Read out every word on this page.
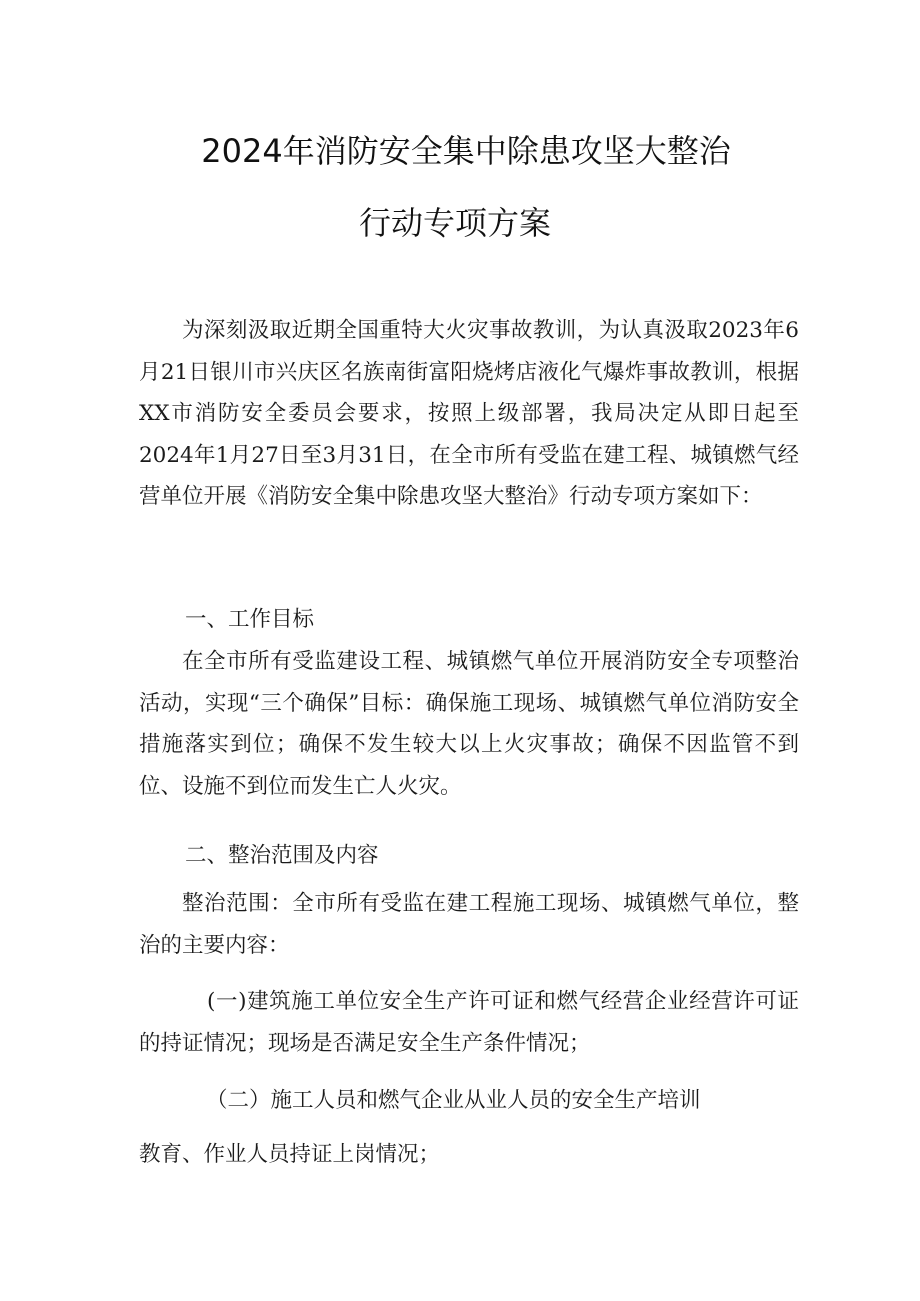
2024年消防安全集中除患攻坚大整治
行动专项方案

为深刻汲取近期全国重特大火灾事故教训，为认真汲取2023年6月21日银川市兴庆区名族南街富阳烧烤店液化气爆炸事故教训，根据XX市消防安全委员会要求，按照上级部署，我局决定从即日起至2024年1月27日至3月31日，在全市所有受监在建工程、城镇燃气经营单位开展《消防安全集中除患攻坚大整治》行动专项方案如下：

一、工作目标

在全市所有受监建设工程、城镇燃气单位开展消防安全专项整治活动，实现“三个确保”目标：确保施工现场、城镇燃气单位消防安全措施落实到位；确保不发生较大以上火灾事故；确保不因监管不到位、设施不到位而发生亡人火灾。

二、整治范围及内容

整治范围：全市所有受监在建工程施工现场、城镇燃气单位，整治的主要内容：

(一)建筑施工单位安全生产许可证和燃气经营企业经营许可证的持证情况；现场是否满足安全生产条件情况；

（二）施工人员和燃气企业从业人员的安全生产培训

教育、作业人员持证上岗情况；
